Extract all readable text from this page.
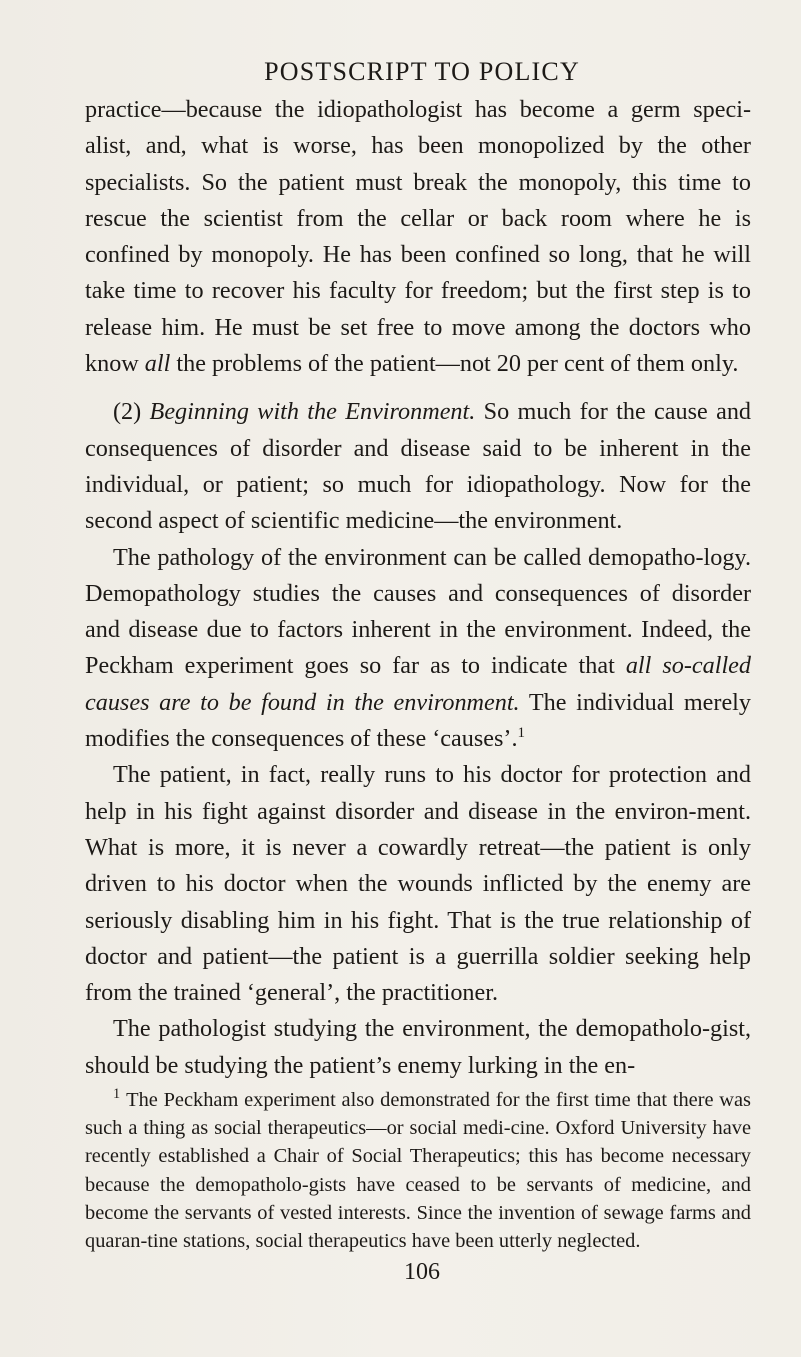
POSTSCRIPT TO POLICY

practice—because the idiopathologist has become a germ speci-alist, and, what is worse, has been monopolized by the other specialists. So the patient must break the monopoly, this time to rescue the scientist from the cellar or back room where he is confined by monopoly. He has been confined so long, that he will take time to recover his faculty for freedom; but the first step is to release him. He must be set free to move among the doctors who know all the problems of the patient—not 20 per cent of them only.

(2) Beginning with the Environment. So much for the cause and consequences of disorder and disease said to be inherent in the individual, or patient; so much for idiopathology. Now for the second aspect of scientific medicine—the environment.

The pathology of the environment can be called demopatho-logy. Demopathology studies the causes and consequences of disorder and disease due to factors inherent in the environment. Indeed, the Peckham experiment goes so far as to indicate that all so-called causes are to be found in the environment. The individual merely modifies the consequences of these ‘causes’.$^1$

The patient, in fact, really runs to his doctor for protection and help in his fight against disorder and disease in the environ-ment. What is more, it is never a cowardly retreat—the patient is only driven to his doctor when the wounds inflicted by the enemy are seriously disabling him in his fight. That is the true relationship of doctor and patient—the patient is a guerrilla soldier seeking help from the trained ‘general’, the practitioner.

The pathologist studying the environment, the demopatholo-gist, should be studying the patient’s enemy lurking in the en-

$^1$ The Peckham experiment also demonstrated for the first time that there was such a thing as social therapeutics—or social medi-cine. Oxford University have recently established a Chair of Social Therapeutics; this has become necessary because the demopatholo-gists have ceased to be servants of medicine, and become the servants of vested interests. Since the invention of sewage farms and quaran-tine stations, social therapeutics have been utterly neglected.

106
